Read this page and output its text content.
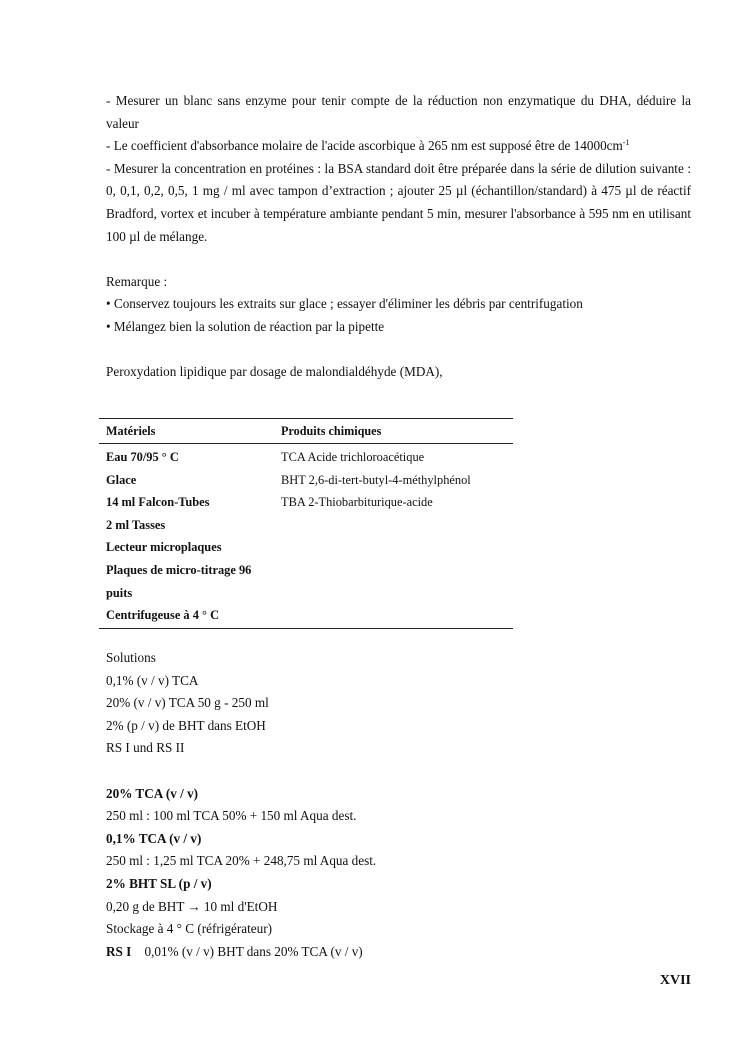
- Mesurer un blanc sans enzyme pour tenir compte de la réduction non enzymatique du DHA, déduire la valeur

- Le coefficient d'absorbance molaire de l'acide ascorbique à 265 nm est supposé être de $14000cm^{-1}$

- Mesurer la concentration en protéines : la BSA standard doit être préparée dans la série de dilution suivante : 0, 0,1, 0,2, 0,5, 1 mg / ml avec tampon d’extraction ; ajouter 25 µl (échantillon/standard) à 475 µl de réactif Bradford, vortex et incuber à température ambiante pendant 5 min, mesurer l'absorbance à 595 nm en utilisant 100 µl de mélange.

Remarque :

• Conservez toujours les extraits sur glace ; essayer d'éliminer les débris par centrifugation

• Mélangez bien la solution de réaction par la pipette

Peroxydation lipidique par dosage de malondialdéhyde (MDA),

Matériels	Produits chimiques
Eau 70/95 ° C
Glace
14 ml Falcon-Tubes
2 ml Tasses
Lecteur microplaques
Plaques de micro-titrage 96
puits
Centrifugeuse à 4 ° C
TCA Acide trichloroacétique
BHT 2,6-di-tert-butyl-4-méthylphénol
TBA 2-Thiobarbiturique-acide

Solutions

0,1% (v / v) TCA

20% (v / v) TCA 50 g - 250 ml

2% (p / v) de BHT dans EtOH

RS I und RS II

20% TCA (v / v)

250 ml : 100 ml TCA 50% + 150 ml Aqua dest.

0,1% TCA (v / v)

250 ml : 1,25 ml TCA 20% + 248,75 ml Aqua dest.

2% BHT SL (p / v)

0,20 g de BHT → 10 ml d'EtOH

Stockage à 4 ° C (réfrigérateur)

RS I 0,01% (v / v) BHT dans 20% TCA (v / v)

XVII
